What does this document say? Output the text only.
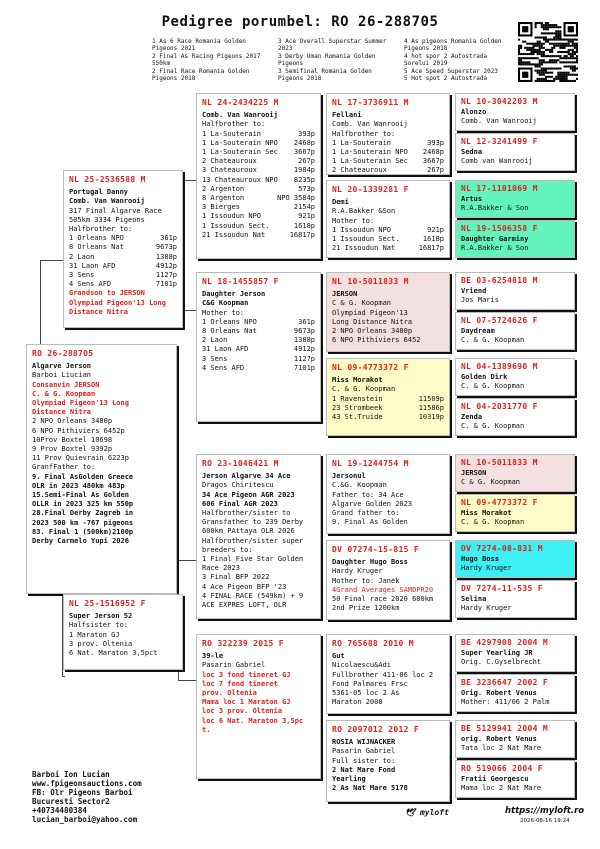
Pedigree porumbel: RO 26-288705
1 As 6 Race Romania Golden
Pigeons 2021
2 Final As Racing Pigeons 2017
550km
2 Final Race Romania Golden
Pigeons 2018
3 Ace Overall Superstar Summer
2023
3 Derby Uman Romania Golden
Pigeons
3 Semifinal Romania Golden
Pigeons 2018
4 As pigeons Romania Golden
Pigeons 2018
4 hot spor 2 Autostrada
Sorelui 2019
5 Ace Speed Superstar 2023
5 Hot spot 2 Autostrada
RO 26-288705
Algarve Jerson
Barboi Liucian
Consanvin JERSON
C. & G. Koopman
Olympiad Pigeon'13 Long
Distance Nitra
2 NPO Orleans 3480p
6 NPO Pithiviers 6452p
10Prov Boxtel 10698
9 Prov Boxtel 9392p
11 Prov Quievrain 6223p
GranfFather to:
9. Final AsGolden Greece
OLR in 2023 480km 483p
15.Semi-Final As Golden
OLLR in 2023 325 km 550p
28.Final Derby Zagreb in
2023 500 km -767 pigeons
83. Final 1 (500km)2100p
Derby Carmelo Yupi 2026
NL 25-2536588 M
Portugal Danny
Comb. Van Wanrooij
317 Final Algarve Race
505km 3334 Pigeons
Halfbrother to:
1 Orleans NPO	361p
8 Orleans Nat	9673p
2 Laon	1388p
31 Laon AFD	4912p
3 Sens	1127p
4 Sens AFD	7101p
Grandson to JERSON
Olympiad Pigeon'13 Long
Distance Nitra
NL 25-1516952 F
Super Jerson 52
Halfsister to:
1 Maraton GJ
3 prov. Oltenia
6 Nat. Maraton 3,5pct
NL 24-2434225 M
Comb. Van Wanrooij
Halfbrother to:
1 La-Souterain	393p
1 La-Souterain NPO 2468p
1 La-Souterain Sec 3667p
2 Chateauroux	267p
3 Chateauroux	1984p
13 Chateauroux NPO 8235p
2 Argenton	573p
8 Argenton	NPO 3584p
3 Bierges	2154p
1 Issoudun NPO	921p
1 Issoudun Sect.	1618p
21 Issoudun Nat	16817p
NL 18-1455857 F
Daughter Jerson
C&G Koopman
Mother to:
1 Orleans NPO	361p
8 Orleans Nat	9673p
2 Laon	1388p
31 Laon AFD	4912p
3 Sens	1127p
4 Sens AFD	7101p
RO 23-1046421 M
Jerson Algarve 34 Ace
Dragos Chiritescu
34 Ace Pigeon AGR 2023
606 Final AGR 2023
Halfbrother/sister to
Gransfather to 239 Derby
600km PAttaya OLR 2026
Halfbrother/sister super
breeders to:
1 Final Five Star Golden
Race 2023
3 Final BFP 2022
4 Ace Pigeon BFP '23
4 FINAL RACE (549km) + 9
ACE EXPRES LOFT, OLR
RO 322239 2015 F
39-le
Pasarin Gabriel
loc 3 fond tineret GJ
loc 7 fond tineret
prov. Oltenia
Mama loc 1 Maraton GJ
loc 3 prov. Oltenia
loc 6 Nat. Maraton 3,5pc
t.
NL 17-3736911 M
Fellani
Comb. Van Wanrooij
Halfbrother to:
1 La-Souterain	393p
1 La-Souterain NPO 2468p
1 La-Souterain Sec 3667p
2 Chateauroux	267p
NL 20-1339281 F
Demi
R.A.Bakker &Son
Mother to:
1 Issoudun NPO	921p
1 Issoudun Sect.	1618p
21 Issoudun Nat	16817p
NL 10-5011833 M
JERSON
C & G. Koopman
Olympiad Pigeon'13
Long Distance Nitra
2 NPO Orleans 3480p
6 NPO Pithiviers 6452
NL 09-4773372 F
Miss Morakot
C. & G. Koopman
1 Ravenstein	11509p
23 Strombeek	11586p
43 St.Truide	10319p
NL 19-1244754 M
Jersonul
C.&G. Koopman
Father to: 34 Ace
Algarve Golden 2023
Grand father to:
9. Final As Golden
DV 07274-15-815 F
Daughter Hugo Boss
Hardy Kruger
Mother to: Janek
4Grand Averages SAMDPR20
50 Final race 2020 600km
2nd Prize 1200km
RO 765688 2010 M
Gut
Nicolaescu&Adi
Fullbrother 411-06 loc 2
Fond Palmares Frsc
5361-05 loc 2 As
Maraton 2008
RO 2097012 2012 F
ROSIA WIJNACKER
Pasarin Gabriel
Full sister to:
2 Nat Mare Fond
Yearling
2 As Nat Mare 5178
NL 10-3042203 M
Alonzo
Comb. Van Wanrooij
NL 12-3241499 F
Sedna
Comb van Wanrooij
NL 17-1101069 M
Artus
R.A.Bakker & Son
NL 19-1506358 F
Daughter Garminy
R.A.Bakker & Son
BE 03-6254818 M
Vriend
Jos Maris
NL 07-5724626 F
Daydream
C. & G. Koopman
NL 04-1389690 M
Golden Dirk
C. & G. Koopman
NL 04-2031770 F
Zenda
C. & G. Koopman
NL 10-5011833 M
JERSON
C & G. Koopman
NL 09-4773372 F
Miss Morakot
C. & G. Koopman
DV 7274-08-831 M
Hugo Boss
Hardy Kruger
DV 7274-11-535 F
Selina
Hardy Kruger
BE 4297908 2004 M
Super Yearling JR
Orig. C.Gyselbrecht
BE 3236647 2002 F
Orig. Robert Venus
Mother: 411/06 2 Palm
BE 5129941 2004 M
orig. Robert Venus
Tata loc 2 Nat Mare
RO 519066 2004 F
Fratii Georgescu
Mama loc 2 Nat Mare
Barboi Ion Lucian
www.fpigeonsauctions.com
FB: Olr Pigeons Barboi
Bucuresti Sector2
+40734480384
lucian_barboi@yahoo.com
🕊 myloft	https://myloft.ro
2026-08-16 19:24
